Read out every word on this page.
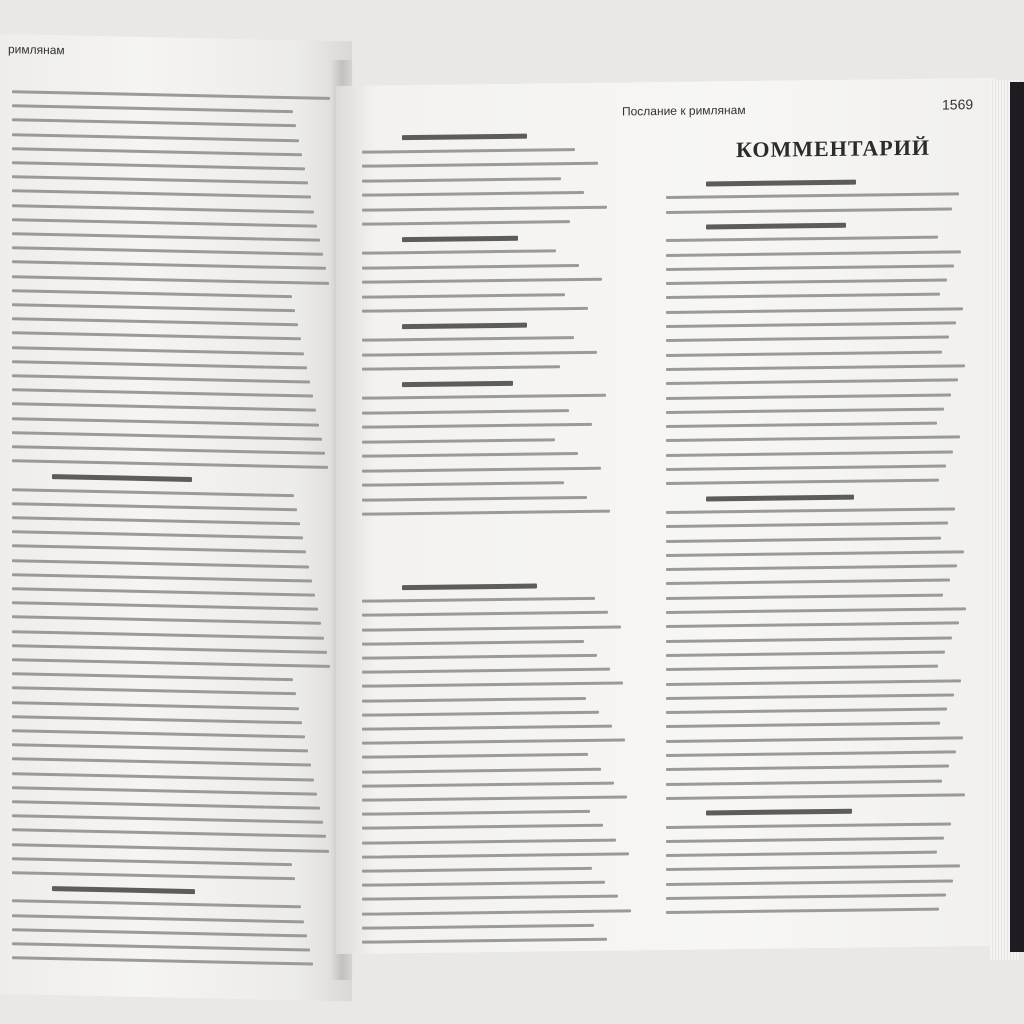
римлянам
Послание к римлянам	1569
КОММЕНТАРИЙ
